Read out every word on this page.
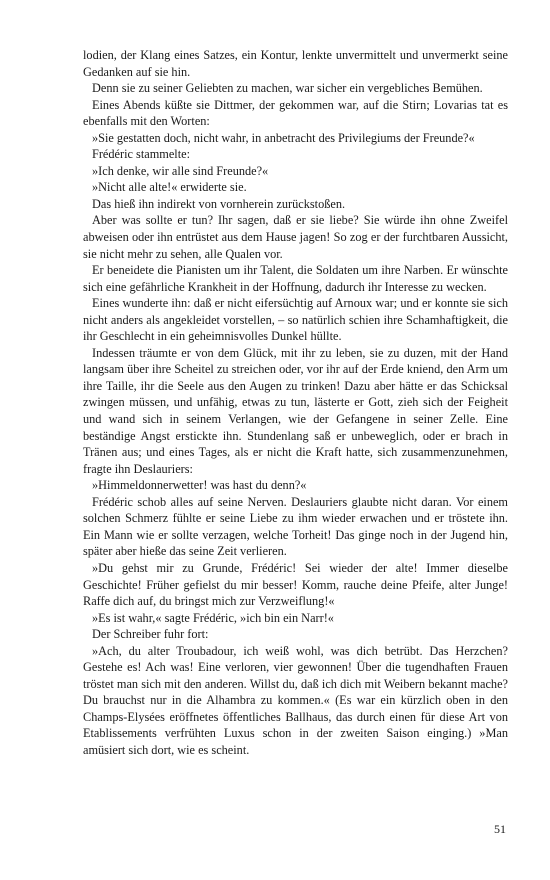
lodien, der Klang eines Satzes, ein Kontur, lenkte unvermittelt und unvermerkt seine Gedanken auf sie hin.

Denn sie zu seiner Geliebten zu machen, war sicher ein vergebliches Bemühen.

Eines Abends küßte sie Dittmer, der gekommen war, auf die Stirn; Lovarias tat es ebenfalls mit den Worten:

»Sie gestatten doch, nicht wahr, in anbetracht des Privilegiums der Freunde?«

Frédéric stammelte:

»Ich denke, wir alle sind Freunde?«

»Nicht alle alte!« erwiderte sie.

Das hieß ihn indirekt von vornherein zurückstoßen.

Aber was sollte er tun? Ihr sagen, daß er sie liebe? Sie würde ihn ohne Zweifel abweisen oder ihn entrüstet aus dem Hause jagen! So zog er der furchtbaren Aussicht, sie nicht mehr zu sehen, alle Qualen vor.

Er beneidete die Pianisten um ihr Talent, die Soldaten um ihre Narben. Er wünschte sich eine gefährliche Krankheit in der Hoffnung, dadurch ihr Interesse zu wecken.

Eines wunderte ihn: daß er nicht eifersüchtig auf Arnoux war; und er konnte sie sich nicht anders als angekleidet vorstellen, – so natürlich schien ihre Schamhaftigkeit, die ihr Geschlecht in ein geheimnisvolles Dunkel hüllte.

Indessen träumte er von dem Glück, mit ihr zu leben, sie zu duzen, mit der Hand langsam über ihre Scheitel zu streichen oder, vor ihr auf der Erde kniend, den Arm um ihre Taille, ihr die Seele aus den Augen zu trinken! Dazu aber hätte er das Schicksal zwingen müssen, und unfähig, etwas zu tun, lästerte er Gott, zieh sich der Feigheit und wand sich in seinem Verlangen, wie der Gefangene in seiner Zelle. Eine beständige Angst erstickte ihn. Stundenlang saß er unbeweglich, oder er brach in Tränen aus; und eines Tages, als er nicht die Kraft hatte, sich zusammenzunehmen, fragte ihn Deslauriers:

»Himmeldonnerwetter! was hast du denn?«

Frédéric schob alles auf seine Nerven. Deslauriers glaubte nicht daran. Vor einem solchen Schmerz fühlte er seine Liebe zu ihm wieder erwachen und er tröstete ihn. Ein Mann wie er sollte verzagen, welche Torheit! Das ginge noch in der Jugend hin, später aber hieße das seine Zeit verlieren.

»Du gehst mir zu Grunde, Frédéric! Sei wieder der alte! Immer dieselbe Geschichte! Früher gefielst du mir besser! Komm, rauche deine Pfeife, alter Junge! Raffe dich auf, du bringst mich zur Verzweiflung!«

»Es ist wahr,« sagte Frédéric, »ich bin ein Narr!«

Der Schreiber fuhr fort:

»Ach, du alter Troubadour, ich weiß wohl, was dich betrübt. Das Herzchen? Gestehe es! Ach was! Eine verloren, vier gewonnen! Über die tugendhaften Frauen tröstet man sich mit den anderen. Willst du, daß ich dich mit Weibern bekannt mache? Du brauchst nur in die Alhambra zu kommen.« (Es war ein kürzlich oben in den Champs-Elysées eröffnetes öffentliches Ballhaus, das durch einen für diese Art von Etablissements verfrühten Luxus schon in der zweiten Saison einging.) »Man amüsiert sich dort, wie es scheint.

51
